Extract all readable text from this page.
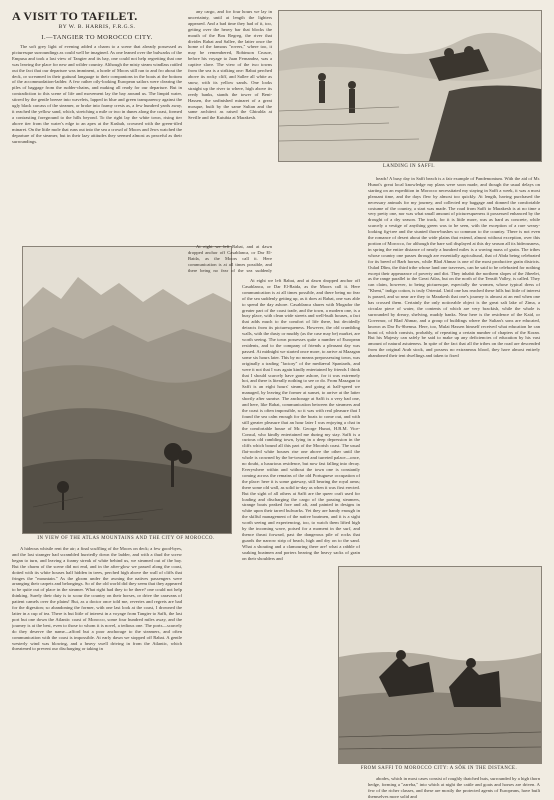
A VISIT TO TAFILET.
BY W. B. HARRIS, F.R.G.S.
I.—TANGIER TO MOROCCO CITY.

The soft grey light of evening added a charm to a scene that already possessed as picturesque surroundings as could well be imagined. As one leaned over the bulwarks of the Empusa and took a last view of Tangier and its bay, one could not help regretting that one was leaving the place for new and wilder country. Although the misty steam windlass rattled out the fact that our departure was imminent, a horde of Moors still ran to and fro about the deck, or screamed in their guttural language to their companions in the boats at the bottom of the accommodation-ladder. A few rather oily-looking European sailors were clearing the piles of baggage from the rudder-chains, and making all ready for our departure. But in contradiction to this scene of life and movement lay the bay around us. The limpid water, stirred by the gentle breeze into wavelets, lapped in blue and green transparency against the ugly black carcass of the steamer, or broke into foamy crests as, a few hundred yards away, it reached the yellow sand, which, stretching a mile or two in dunes along the coast, formed a contrasting foreground to the hills beyond. To the right lay the white town, rising tier above tier from the water's edge to an apex at the Kasbah, crowned with the green-tiled minaret. On the little mole that runs out into the sea a crowd of Moors and Jews watched the departure of the steamer, but in their lazy attitudes they seemed almost as peaceful as their surroundings.

IN VIEW OF THE ATLAS MOUNTAINS AND THE CITY OF MOROCCO.

A hideous whistle rent the air; a final scuffling of the Moors on deck; a few good-byes, and the last stranger had scrambled hurriedly down the ladder, and with a thud the screw began to turn, and leaving a foamy streak of white behind us, we steamed out of the bay. But the charm of the scene did not end, and in the after-glow we passed along the coast, dotted with its white houses half hidden in trees, perched high above the wall of cliffs that fringes the "mountain." As the gloom under the awning the natives passengers were arranging their carpets and belongings. So of the old world did they seem that they appeared to be quite out of place in the steamer. What right had they to be there? one could not help thinking. Surely their duty is to scour the country on their horses, or drive the caravans of patient camels over the plains! But, as a doctor once told me, reveries and regrets are bad for the digestion; so abandoning the former, with one last look at the coast, I drowned the latter in a cup of tea. There is but little of interest in a voyage from Tangier to Saffi, the last port but one down the Atlantic coast of Morocco, some four hundred miles away, and the journey is at the best, even to those to whom it is novel, a tedious one. The ports—scarcely do they deserve the name—afford but a poor anchorage to the steamers, and often communication with the coast is impossible. At early dawn we stopped off Rabat. A gentle westerly wind was blowing, and a heavy swell driving in from the Atlantic, which threatened to prevent our discharging or taking in

any cargo, and for four hours we lay in uncertainty, until at length the lighters appeared. And a bad time they had of it, too, getting over the heavy bar that blocks the mouth of the Bou Regreg, the river that divides Rabat and Sallee, the latter once the home of the famous "rovers," where too, it may be remembered, Robinson Crusoe, before his voyage to Juan Fernandez, was a captive slave. The view of the two towns from the sea is a striking one: Rabat perched above its rocky cliff, and Sallee all white as snow, with its yellow sands. One looks straight up the river to where, high above its reedy banks, stands the tower of Beni-Hassen, the unfinished minaret of a great mosque, built by the same Sultan and the same architect as raised the Ghiralda at Seville and the Kutubia at Marakesh.

LANDING IN SAFFI.

At eight we left Rabat, and at dawn dropped anchor off Casablanca, or Dar El-Baida, as the Moors call it. Here communication is at all times possible, and there being no fear of the sea suddenly

At eight we left Rabat, and at dawn dropped anchor off Casablanca, or Dar El-Baida, as the Moors call it. Here communication is at all times possible, and there being no fear of the sea suddenly getting up, as it does at Rabat, one was able to spend the day ashore. Casablanca shares with Mogador the greater part of the coast trade, and the town, a modern one, is a busy place, with clean wide streets and well-built houses, a fact that adds much to the comfort of life there, but decidedly detracts from its picturesqueness. However, the old crumbling walls, with the dusty or muddy (as the case may be) market, are worth seeing. The town possesses quite a number of European residents, and to the company of friends a pleasant day was passed. At midnight we started once more, to arrive at Mazagan some six hours later. This by no means prepossessing town, was originally a trading "factory" of the mediæval Spaniards, and were it not that I was again kindly entertained by friends I think that I should scarcely have gone ashore, for it was extremely hot, and there is literally nothing to see or do. From Mazagan to Saffi is an eight hours' steam, and going at half-speed we managed, by leaving the former at sunset, to arrive at the latter shortly after sunrise. The anchorage at Saffi is a very bad one, and here, like Rabat, communication between the steamers and the coast is often impossible, so it was with real pleasure that I found the sea calm enough for the boats to come out, and with still greater pleasure that an hour later I was enjoying a chat in the comfortable house of Mr. George Hunot, H.B.M. Vice-Consul, who kindly entertained me during my stay. Saffi is a curious old rambling town, lying in a deep depression in the cliffs which bound all this part of the Moorish coast. The usual flat-roofed white houses rise one above the other until the whole is crowned by the be-towered and turreted palace—once, no doubt, a luxurious residence, but now fast falling into decay. Everywhere within and without the town one is constantly coming across the remains of the old Portuguese occupation of the place: here it is some gateway, still bearing the royal arms; there some old wall, as solid to-day as when it was first erected. But the sight of all others at Saffi are the queer craft used for loading and discharging the cargo of the passing steamers, strange boats peaked fore and aft, and painted in designs in white upon their tarred bulwarks. Yet they are handy enough in the skilful management of the native boatmen, and it is a sight worth seeing and experiencing, too, to watch them lifted high by the incoming wave, poised for a moment in the surf, and thence thrust forward, past the dangerous pile of rocks that guards the narrow strip of beach, high and dry on to the sand. What a shouting and a clamouring there are! what a rabble of soaking boatmen and porters bearing the heavy sacks of grain on their shoulders and

heads! A busy day in Saffi beach is a fair example of Pandemonium. With the aid of Mr. Hunot's great local knowledge my plans were soon made, and though the usual delays on starting on an expedition in Morocco necessitated my staying in Saffi a week, it was a most pleasant time, and the days flew by almost too quickly. At length, having purchased the necessary animals for my journey, and collected my baggage and donned the comfortable costume of the country, a start was made. The road from Saffi to Marakesh is at no time a very pretty one, nor was what small amount of picturesqueness it possessed enhanced by the drought of a dry season. The track, for it is little more, was as hard as concrete, while scarcely a vestige of anything green was to be seen, with the exception of a rare weary-looking fig-tree and the stunted thorn-bushes so common to the country. There is not even the romance of desert about the wide plains that extend, almost without exception, over this portion of Morocco, for although the bare soil displayed at this dry season all its hideousness, in spring the entire distance of nearly a hundred miles is a waving mass of grain. The tribes whose country one passes through are essentially agricultural, that of Abda being celebrated for its breed of Barb horses, while Blad Ahmar is one of the most productive grain districts. Oulad Dlim, the third tribe whose land one traverses, can be said to be celebrated for nothing except their appearance of poverty and dirt. They inhabit the northern slopes of the Jibeelet, as the range parallel to the Great Atlas, but on the north of the Tensift Valley, is called. They can claim, however, to being picturesque, especially the women, whose typical dress of "Khent," indigo cotton, is truly Oriental. Until one has reached these hills but little of interest is passed, and so near are they to Marakesh that one's journey is almost at an end when one has crossed them. Certainly the only noticeable object is the great salt lake of Zima, a circular piece of water, the contents of which are very brackish, while the whole is surrounded by dreary, shelving, muddy banks. Near here is the residence of the Kaid, or Governor, of Blad Ahmar, and a group of buildings where the Sultan's sons are educated, known as Dar Es-Shemsa. Here, too, Mulai Hassen himself received what education he can boast of, which consists, probably, of repeating a certain number of chapters of the Koran. But his Majesty can safely be said to make up any deficiencies of education by his vast amount of natural astuteness. In spite of the fact that all the tribes on the road are descended from the original Arab stock, and possess no extraneous blood, they have almost entirely abandoned their tent dwellings and taken to fixed

FROM SAFFI TO MOROCCO CITY: A SÔK IN THE DISTANCE.

abodes, which in most cases consist of roughly thatched huts, surrounded by a high thorn hedge, forming a "zareba," into which at night the cattle and goats and horses are driven. A few of the richer classes, and these are mostly the protected agents of Europeans, have built themselves more solid and
